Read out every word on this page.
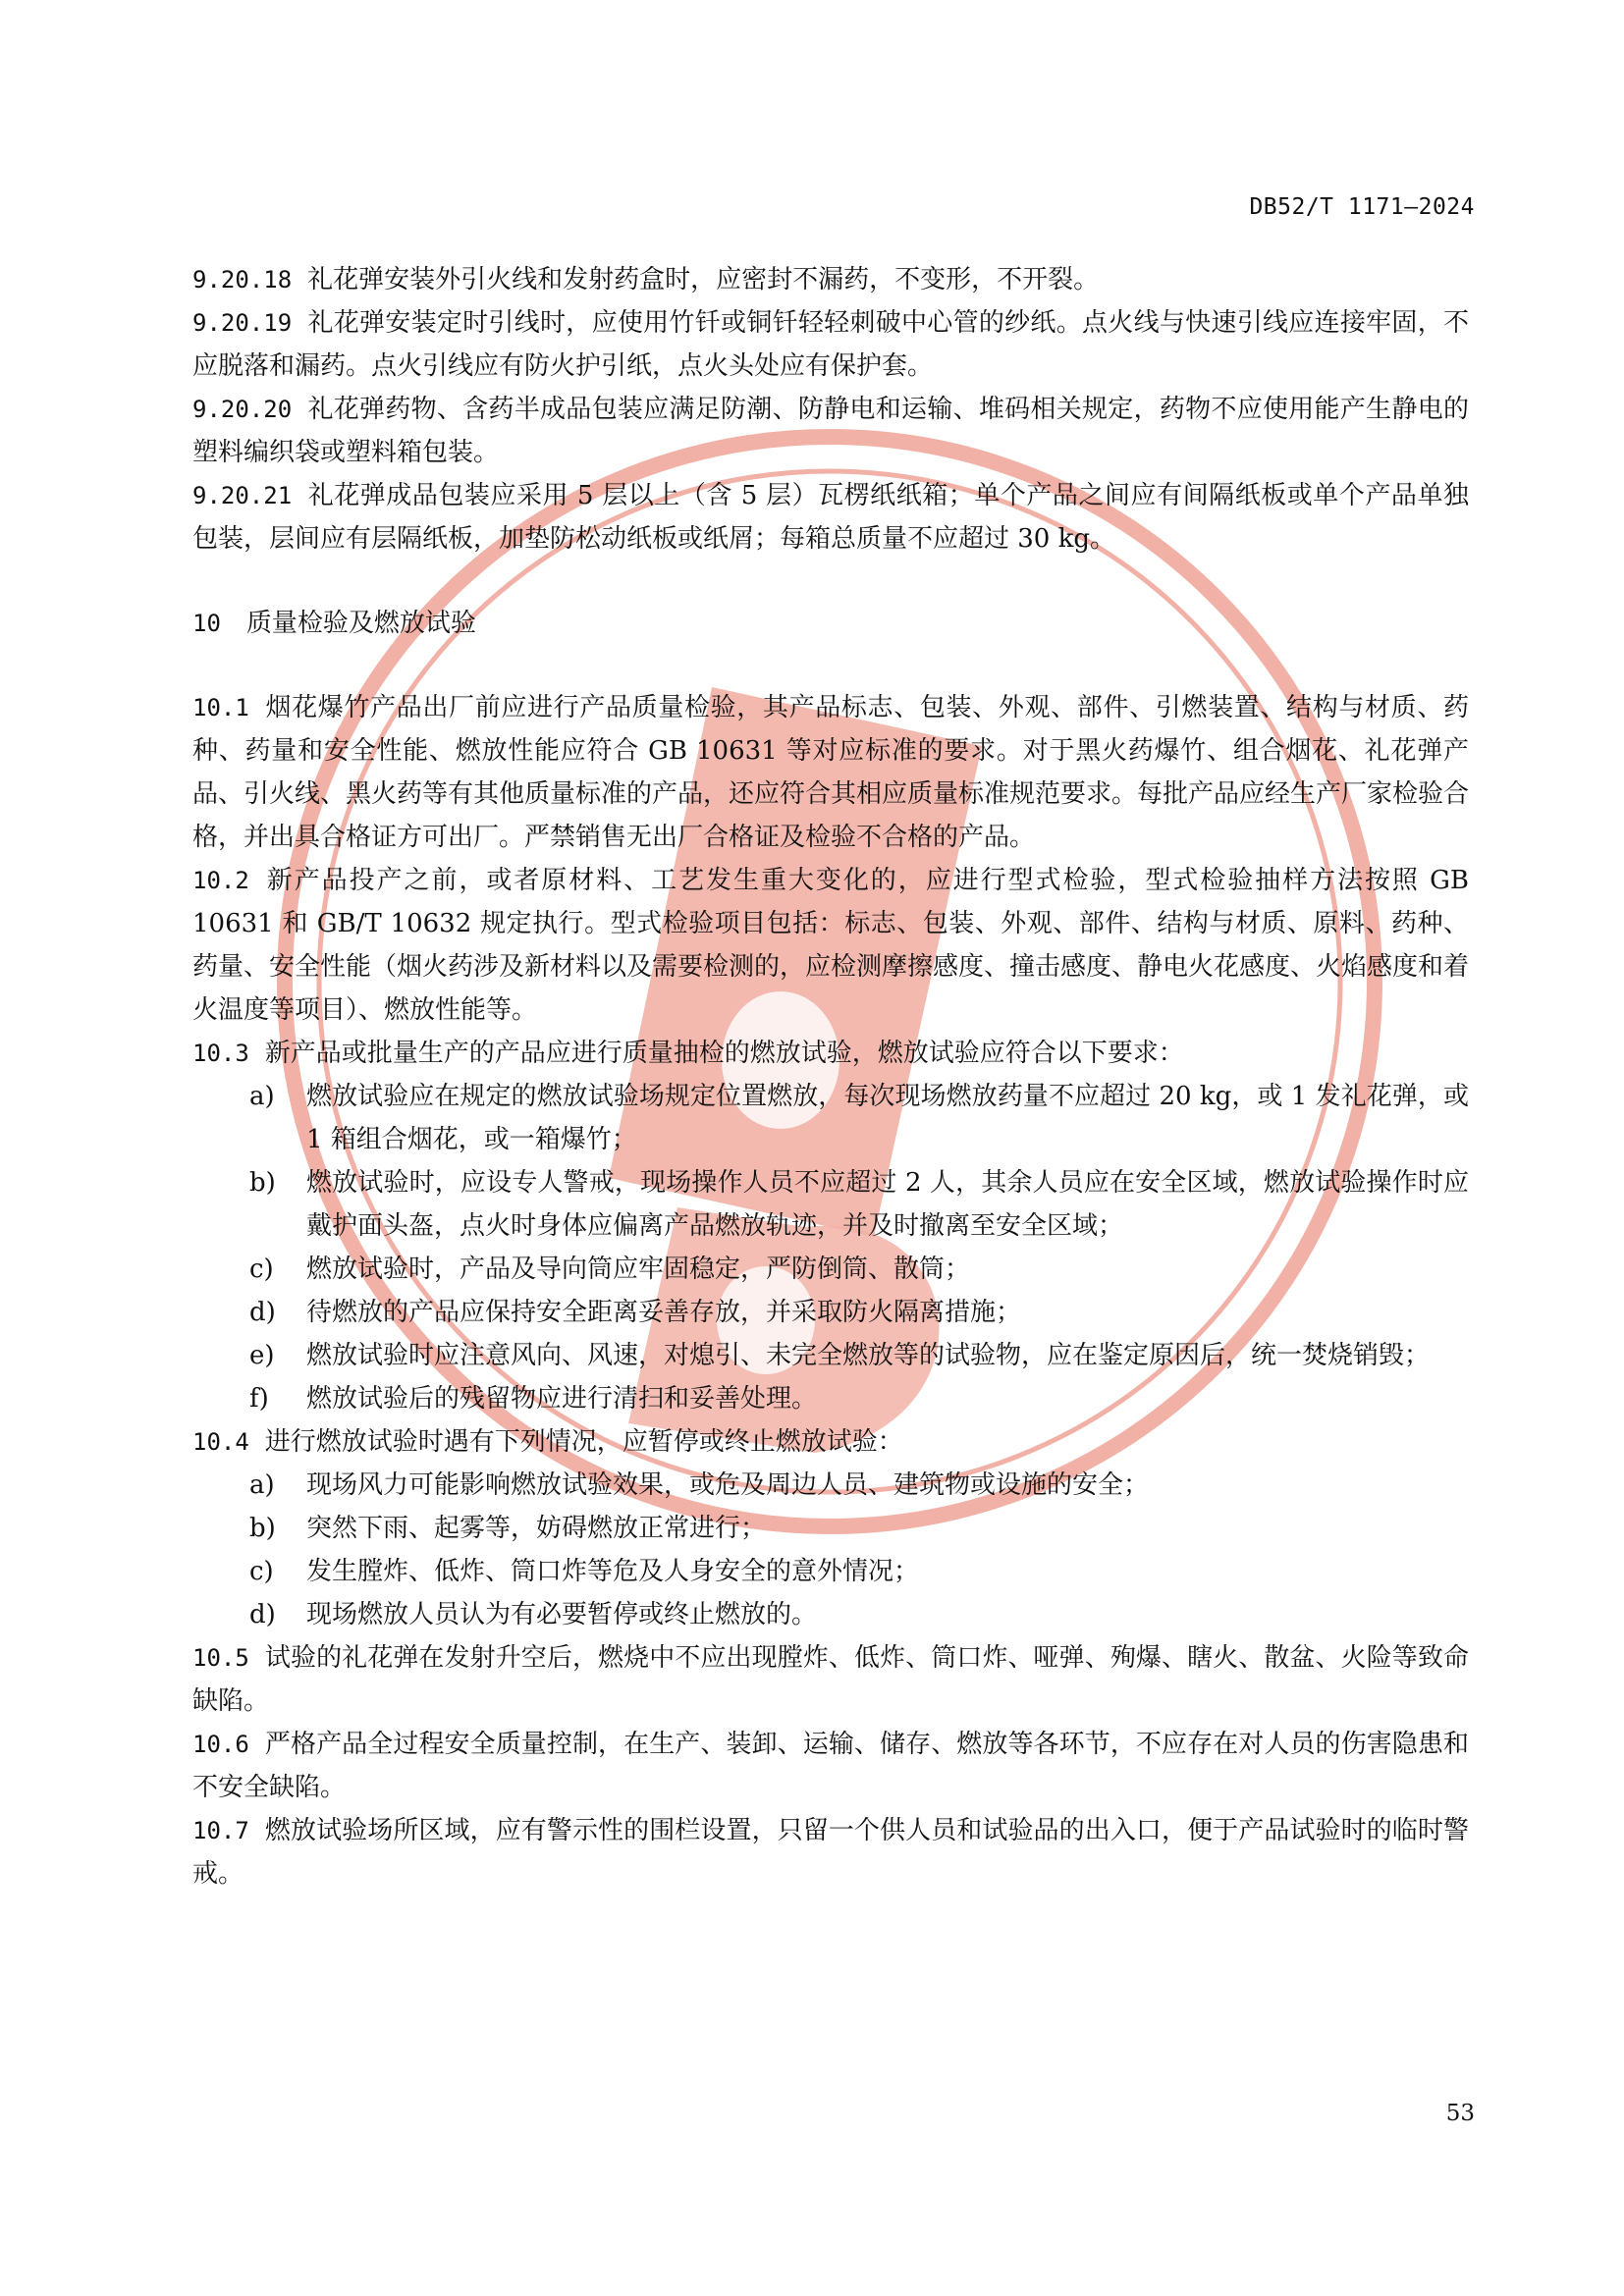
DB52/T 1171—2024

9.20.18 礼花弹安装外引火线和发射药盒时，应密封不漏药，不变形，不开裂。

9.20.19 礼花弹安装定时引线时，应使用竹钎或铜钎轻轻刺破中心管的纱纸。点火线与快速引线应连接牢固，不应脱落和漏药。点火引线应有防火护引纸，点火头处应有保护套。

9.20.20 礼花弹药物、含药半成品包装应满足防潮、防静电和运输、堆码相关规定，药物不应使用能产生静电的塑料编织袋或塑料箱包装。

9.20.21 礼花弹成品包装应采用 5 层以上（含 5 层）瓦楞纸纸箱；单个产品之间应有间隔纸板或单个产品单独包装，层间应有层隔纸板，加垫防松动纸板或纸屑；每箱总质量不应超过 30 kg。

10 质量检验及燃放试验

10.1 烟花爆竹产品出厂前应进行产品质量检验，其产品标志、包装、外观、部件、引燃装置、结构与材质、药种、药量和安全性能、燃放性能应符合 GB 10631 等对应标准的要求。对于黑火药爆竹、组合烟花、礼花弹产品、引火线、黑火药等有其他质量标准的产品，还应符合其相应质量标准规范要求。每批产品应经生产厂家检验合格，并出具合格证方可出厂。严禁销售无出厂合格证及检验不合格的产品。

10.2 新产品投产之前，或者原材料、工艺发生重大变化的，应进行型式检验，型式检验抽样方法按照 GB 10631 和 GB/T 10632 规定执行。型式检验项目包括：标志、包装、外观、部件、结构与材质、原料、药种、药量、安全性能（烟火药涉及新材料以及需要检测的，应检测摩擦感度、撞击感度、静电火花感度、火焰感度和着火温度等项目）、燃放性能等。

10.3 新产品或批量生产的产品应进行质量抽检的燃放试验，燃放试验应符合以下要求：

a)	燃放试验应在规定的燃放试验场规定位置燃放，每次现场燃放药量不应超过 20 kg，或 1 发礼花弹，或 1 箱组合烟花，或一箱爆竹；
b)	燃放试验时，应设专人警戒，现场操作人员不应超过 2 人，其余人员应在安全区域，燃放试验操作时应戴护面头盔，点火时身体应偏离产品燃放轨迹，并及时撤离至安全区域；
c)	燃放试验时，产品及导向筒应牢固稳定，严防倒筒、散筒；
d)	待燃放的产品应保持安全距离妥善存放，并采取防火隔离措施；
e)	燃放试验时应注意风向、风速，对熄引、未完全燃放等的试验物，应在鉴定原因后，统一焚烧销毁；
f)	燃放试验后的残留物应进行清扫和妥善处理。

10.4 进行燃放试验时遇有下列情况，应暂停或终止燃放试验：

a)	现场风力可能影响燃放试验效果，或危及周边人员、建筑物或设施的安全；
b)	突然下雨、起雾等，妨碍燃放正常进行；
c)	发生膛炸、低炸、筒口炸等危及人身安全的意外情况；
d)	现场燃放人员认为有必要暂停或终止燃放的。

10.5 试验的礼花弹在发射升空后，燃烧中不应出现膛炸、低炸、筒口炸、哑弹、殉爆、瞎火、散盆、火险等致命缺陷。

10.6 严格产品全过程安全质量控制，在生产、装卸、运输、储存、燃放等各环节，不应存在对人员的伤害隐患和不安全缺陷。

10.7 燃放试验场所区域，应有警示性的围栏设置，只留一个供人员和试验品的出入口，便于产品试验时的临时警戒。

53
